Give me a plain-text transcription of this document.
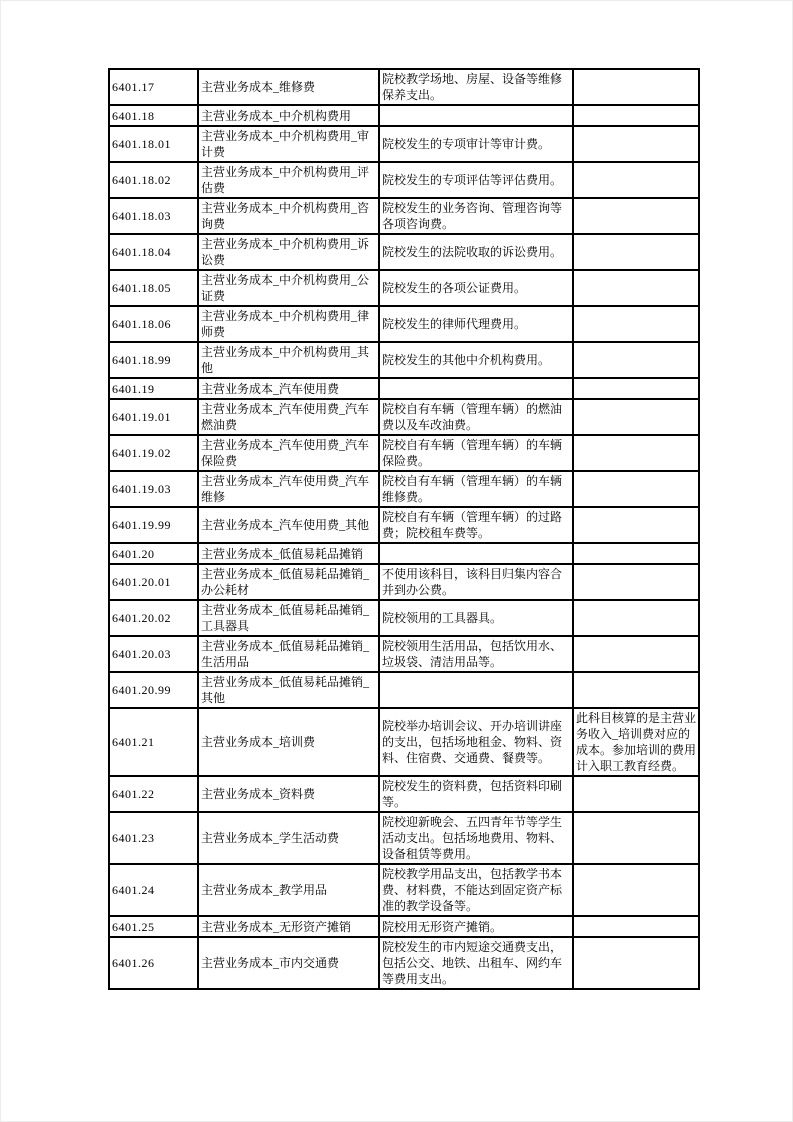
6401.17	主营业务成本_维修费	院校教学场地、房屋、设备等维修保养支出。	
6401.18	主营业务成本_中介机构费用		
6401.18.01	主营业务成本_中介机构费用_审计费	院校发生的专项审计等审计费。	
6401.18.02	主营业务成本_中介机构费用_评估费	院校发生的专项评估等评估费用。	
6401.18.03	主营业务成本_中介机构费用_咨询费	院校发生的业务咨询、管理咨询等各项咨询费。	
6401.18.04	主营业务成本_中介机构费用_诉讼费	院校发生的法院收取的诉讼费用。	
6401.18.05	主营业务成本_中介机构费用_公证费	院校发生的各项公证费用。	
6401.18.06	主营业务成本_中介机构费用_律师费	院校发生的律师代理费用。	
6401.18.99	主营业务成本_中介机构费用_其他	院校发生的其他中介机构费用。	
6401.19	主营业务成本_汽车使用费		
6401.19.01	主营业务成本_汽车使用费_汽车燃油费	院校自有车辆（管理车辆）的燃油费以及车改油费。	
6401.19.02	主营业务成本_汽车使用费_汽车保险费	院校自有车辆（管理车辆）的车辆保险费。	
6401.19.03	主营业务成本_汽车使用费_汽车维修	院校自有车辆（管理车辆）的车辆维修费。	
6401.19.99	主营业务成本_汽车使用费_其他	院校自有车辆（管理车辆）的过路费；院校租车费等。	
6401.20	主营业务成本_低值易耗品摊销		
6401.20.01	主营业务成本_低值易耗品摊销_办公耗材	不使用该科目，该科目归集内容合并到办公费。	
6401.20.02	主营业务成本_低值易耗品摊销_工具器具	院校领用的工具器具。	
6401.20.03	主营业务成本_低值易耗品摊销_生活用品	院校领用生活用品，包括饮用水、垃圾袋、清洁用品等。	
6401.20.99	主营业务成本_低值易耗品摊销_其他		
6401.21	主营业务成本_培训费	院校举办培训会议、开办培训讲座的支出，包括场地租金、物料、资料、住宿费、交通费、餐费等。	此科目核算的是主营业务收入_培训费对应的成本。参加培训的费用计入职工教育经费。
6401.22	主营业务成本_资料费	院校发生的资料费，包括资料印刷等。	
6401.23	主营业务成本_学生活动费	院校迎新晚会、五四青年节等学生活动支出。包括场地费用、物料、设备租赁等费用。	
6401.24	主营业务成本_教学用品	院校教学用品支出，包括教学书本费、材料费，不能达到固定资产标准的教学设备等。	
6401.25	主营业务成本_无形资产摊销	院校用无形资产摊销。	
6401.26	主营业务成本_市内交通费	院校发生的市内短途交通费支出，包括公交、地铁、出租车、网约车等费用支出。	
